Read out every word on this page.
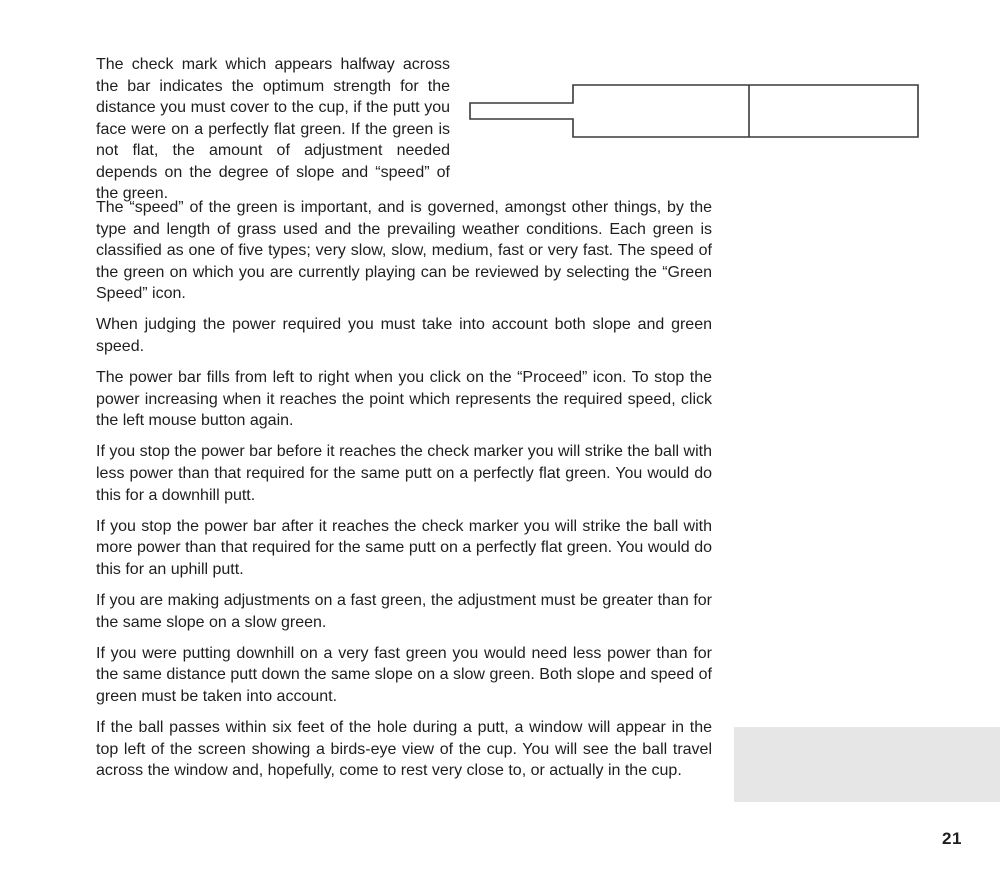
The check mark which appears halfway across the bar indicates the optimum strength for the distance you must cover to the cup, if the putt you face were on a perfectly flat green. If the green is not flat, the amount of adjustment needed depends on the degree of slope and “speed” of the green.

The “speed” of the green is important, and is governed, amongst other things, by the type and length of grass used and the prevailing weather conditions. Each green is classified as one of five types; very slow, slow, medium, fast or very fast. The speed of the green on which you are currently playing can be reviewed by selecting the “Green Speed” icon.

When judging the power required you must take into account both slope and green speed.

The power bar fills from left to right when you click on the “Proceed” icon. To stop the power increasing when it reaches the point which represents the required speed, click the left mouse button again.

If you stop the power bar before it reaches the check marker you will strike the ball with less power than that required for the same putt on a perfectly flat green. You would do this for a downhill putt.

If you stop the power bar after it reaches the check marker you will strike the ball with more power than that required for the same putt on a perfectly flat green. You would do this for an uphill putt.

If you are making adjustments on a fast green, the adjustment must be greater than for the same slope on a slow green.

If you were putting downhill on a very fast green you would need less power than for the same distance putt down the same slope on a slow green. Both slope and speed of green must be taken into account.

If the ball passes within six feet of the hole during a putt, a window will appear in the top left of the screen showing a birds-eye view of the cup. You will see the ball travel across the window and, hopefully, come to rest very close to, or actually in the cup.

21
